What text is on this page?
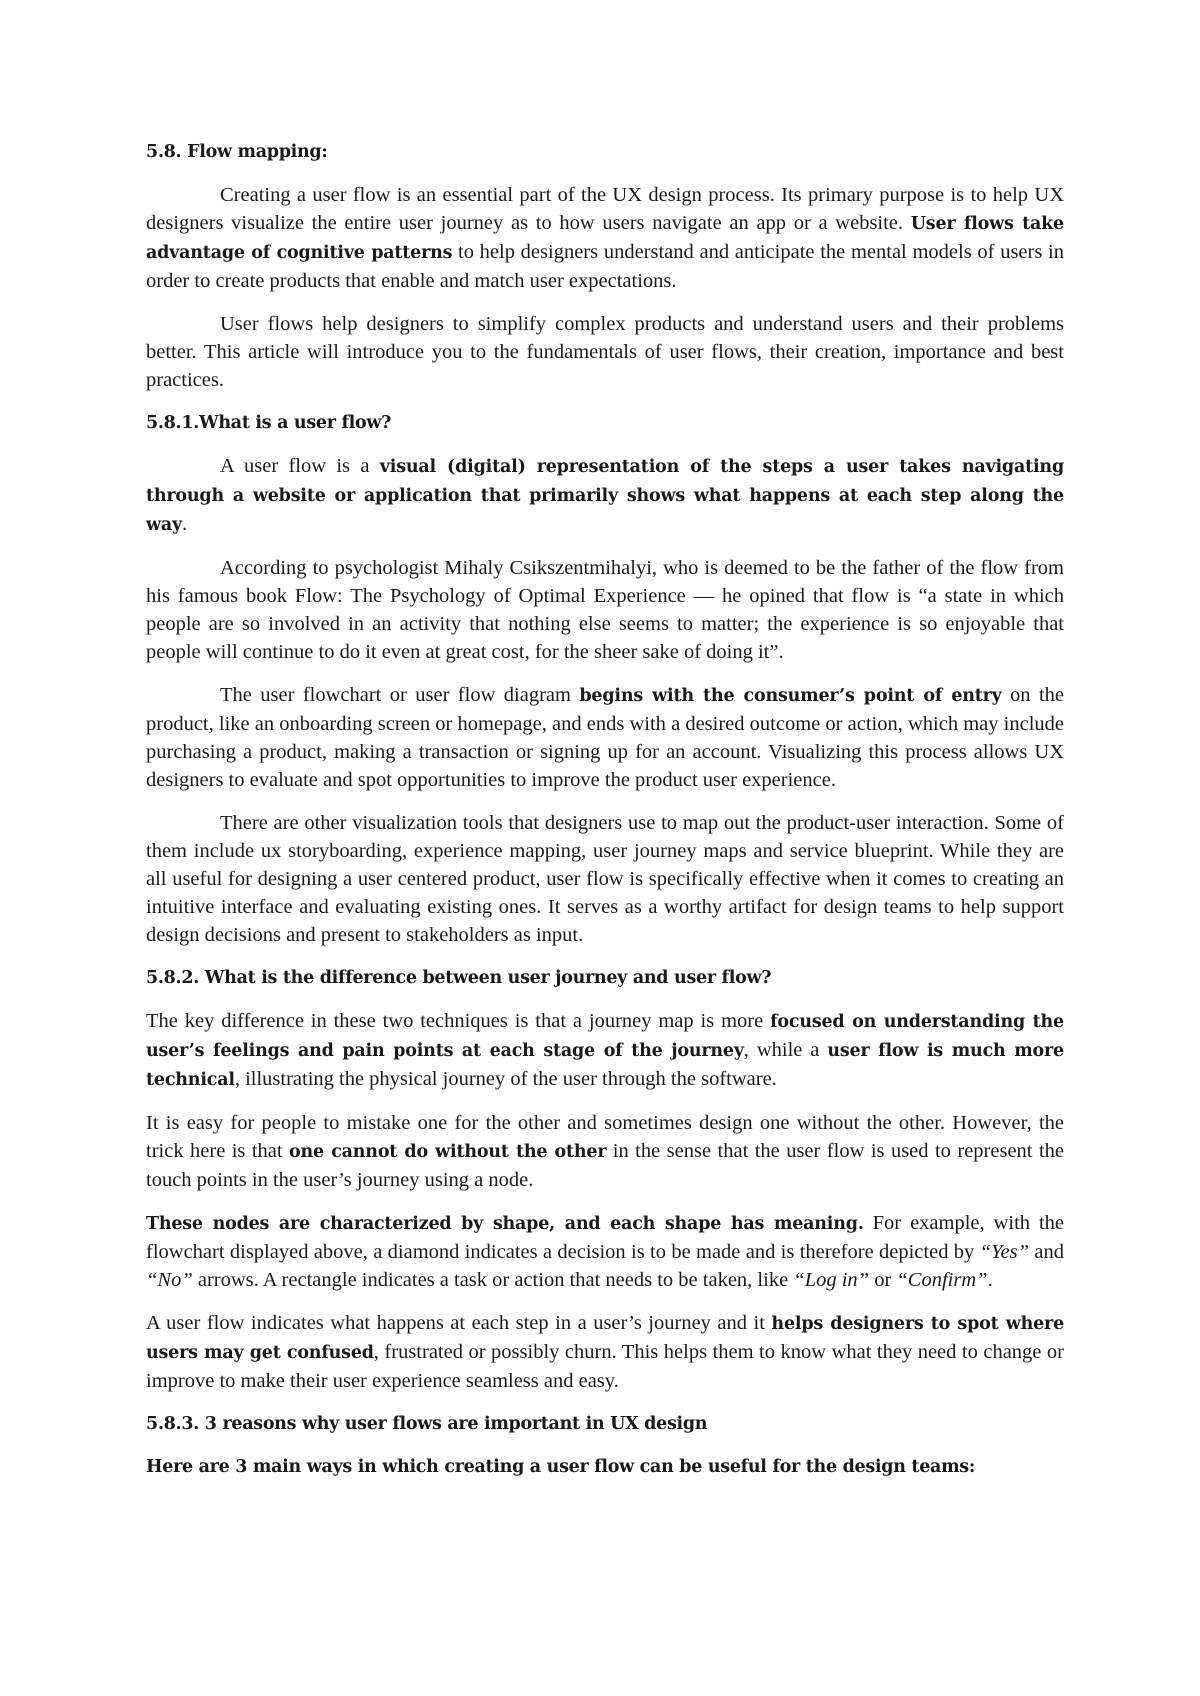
5.8. Flow mapping:

Creating a user flow is an essential part of the UX design process. Its primary purpose is to help UX designers visualize the entire user journey as to how users navigate an app or a website. User flows take advantage of cognitive patterns to help designers understand and anticipate the mental models of users in order to create products that enable and match user expectations.

User flows help designers to simplify complex products and understand users and their problems better. This article will introduce you to the fundamentals of user flows, their creation, importance and best practices.

5.8.1.What is a user flow?

A user flow is a visual (digital) representation of the steps a user takes navigating through a website or application that primarily shows what happens at each step along the way.

According to psychologist Mihaly Csikszentmihalyi, who is deemed to be the father of the flow from his famous book Flow: The Psychology of Optimal Experience — he opined that flow is “a state in which people are so involved in an activity that nothing else seems to matter; the experience is so enjoyable that people will continue to do it even at great cost, for the sheer sake of doing it”.

The user flowchart or user flow diagram begins with the consumer’s point of entry on the product, like an onboarding screen or homepage, and ends with a desired outcome or action, which may include purchasing a product, making a transaction or signing up for an account. Visualizing this process allows UX designers to evaluate and spot opportunities to improve the product user experience.

There are other visualization tools that designers use to map out the product-user interaction. Some of them include ux storyboarding, experience mapping, user journey maps and service blueprint. While they are all useful for designing a user centered product, user flow is specifically effective when it comes to creating an intuitive interface and evaluating existing ones. It serves as a worthy artifact for design teams to help support design decisions and present to stakeholders as input.

5.8.2. What is the difference between user journey and user flow?

The key difference in these two techniques is that a journey map is more focused on understanding the user’s feelings and pain points at each stage of the journey, while a user flow is much more technical, illustrating the physical journey of the user through the software.

It is easy for people to mistake one for the other and sometimes design one without the other. However, the trick here is that one cannot do without the other in the sense that the user flow is used to represent the touch points in the user’s journey using a node.

These nodes are characterized by shape, and each shape has meaning. For example, with the flowchart displayed above, a diamond indicates a decision is to be made and is therefore depicted by “Yes” and “No” arrows. A rectangle indicates a task or action that needs to be taken, like “Log in” or “Confirm”.

A user flow indicates what happens at each step in a user’s journey and it helps designers to spot where users may get confused, frustrated or possibly churn. This helps them to know what they need to change or improve to make their user experience seamless and easy.

5.8.3. 3 reasons why user flows are important in UX design
Here are 3 main ways in which creating a user flow can be useful for the design teams:
